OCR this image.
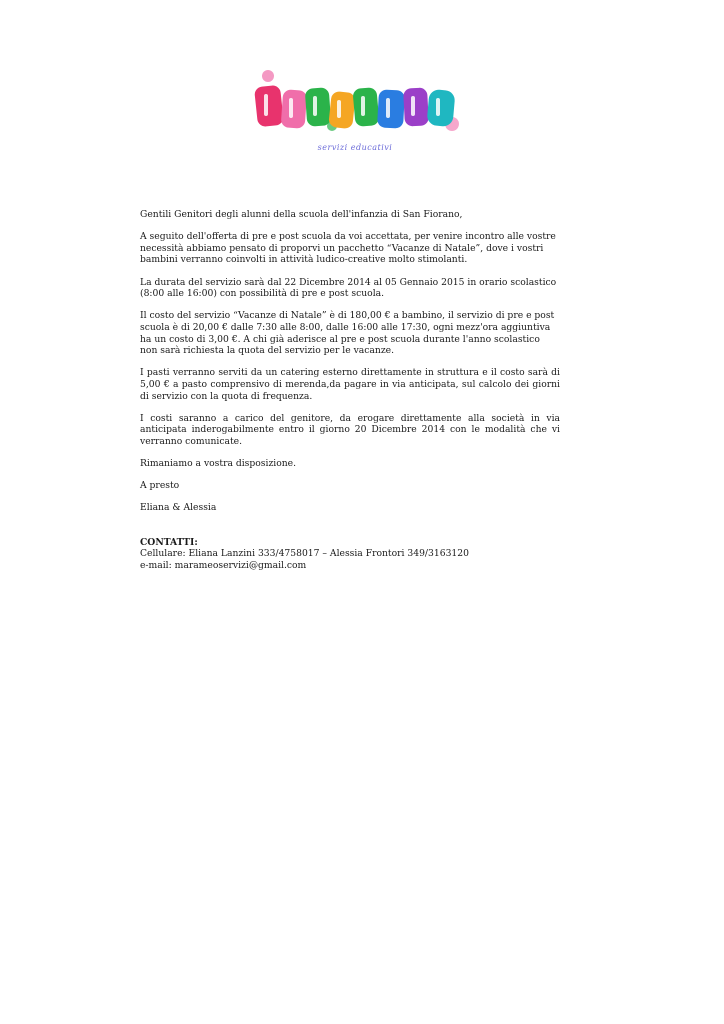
servizi educativi

Gentili Genitori degli alunni della scuola dell'infanzia di San Fiorano,

A seguito dell'offerta di pre e post scuola da voi accettata, per venire incontro alle vostre necessità abbiamo pensato di proporvi un pacchetto “Vacanze di Natale”, dove i vostri bambini verranno coinvolti in attività ludico-creative molto stimolanti.

La durata del servizio sarà dal 22 Dicembre 2014 al 05 Gennaio 2015 in orario scolastico (8:00 alle 16:00) con possibilità di pre e post scuola.

Il costo del servizio “Vacanze di Natale” è di 180,00 € a bambino, il servizio di pre e post scuola è di 20,00 € dalle 7:30 alle 8:00, dalle 16:00 alle 17:30, ogni mezz'ora aggiuntiva ha un costo di 3,00 €. A chi già aderisce al pre e post scuola durante l'anno scolastico non sarà richiesta la quota del servizio per le vacanze.

I pasti verranno serviti da un catering esterno direttamente in struttura e il costo sarà di 5,00 € a pasto comprensivo di merenda,da pagare in via anticipata, sul calcolo dei giorni di servizio con la quota di frequenza.

I costi saranno a carico del genitore, da erogare direttamente alla società in via anticipata inderogabilmente entro il giorno 20 Dicembre 2014 con le modalità che vi verranno comunicate.

Rimaniamo a vostra disposizione.

A presto

Eliana & Alessia

CONTATTI:
Cellulare: Eliana Lanzini 333/4758017 – Alessia Frontori 349/3163120
e-mail: marameoservizi@gmail.com
